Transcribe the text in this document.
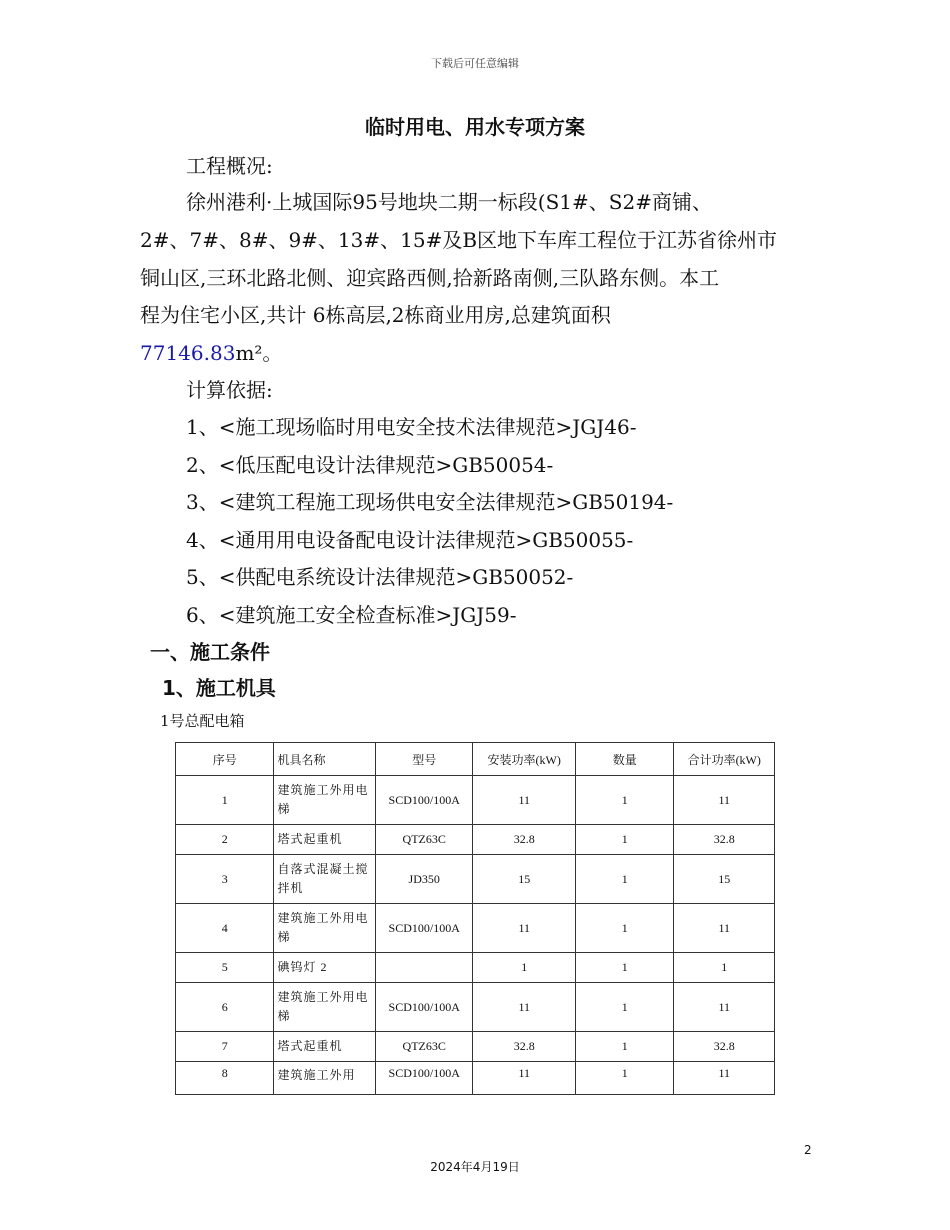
下载后可任意编辑
临时用电、用水专项方案
工程概况:
徐州港利·上城国际95号地块二期一标段(S1#、S2#商铺、
2#、7#、8#、9#、13#、15#及B区地下车库工程位于江苏省徐州市
铜山区,三环北路北侧、迎宾路西侧,拾新路南侧,三队路东侧。本工
程为住宅小区,共计 6栋高层,2栋商业用房,总建筑面积
77146.83m²。
计算依据:
1、<施工现场临时用电安全技术法律规范>JGJ46-
2、<低压配电设计法律规范>GB50054-
3、<建筑工程施工现场供电安全法律规范>GB50194-
4、<通用用电设备配电设计法律规范>GB50055-
5、<供配电系统设计法律规范>GB50052-
6、<建筑施工安全检查标准>JGJ59-
一、施工条件
1、施工机具
1号总配电箱
序号	机具名称	型号	安装功率(kW)	数量	合计功率(kW)
1	建筑施工外用电梯	SCD100/100A	11	1	11
2	塔式起重机	QTZ63C	32.8	1	32.8
3	自落式混凝土搅拌机	JD350	15	1	15
4	建筑施工外用电梯	SCD100/100A	11	1	11
5	碘钨灯 2		1	1	1
6	建筑施工外用电梯	SCD100/100A	11	1	11
7	塔式起重机	QTZ63C	32.8	1	32.8
8	建筑施工外用	SCD100/100A	11	1	11
2
2024年4月19日
